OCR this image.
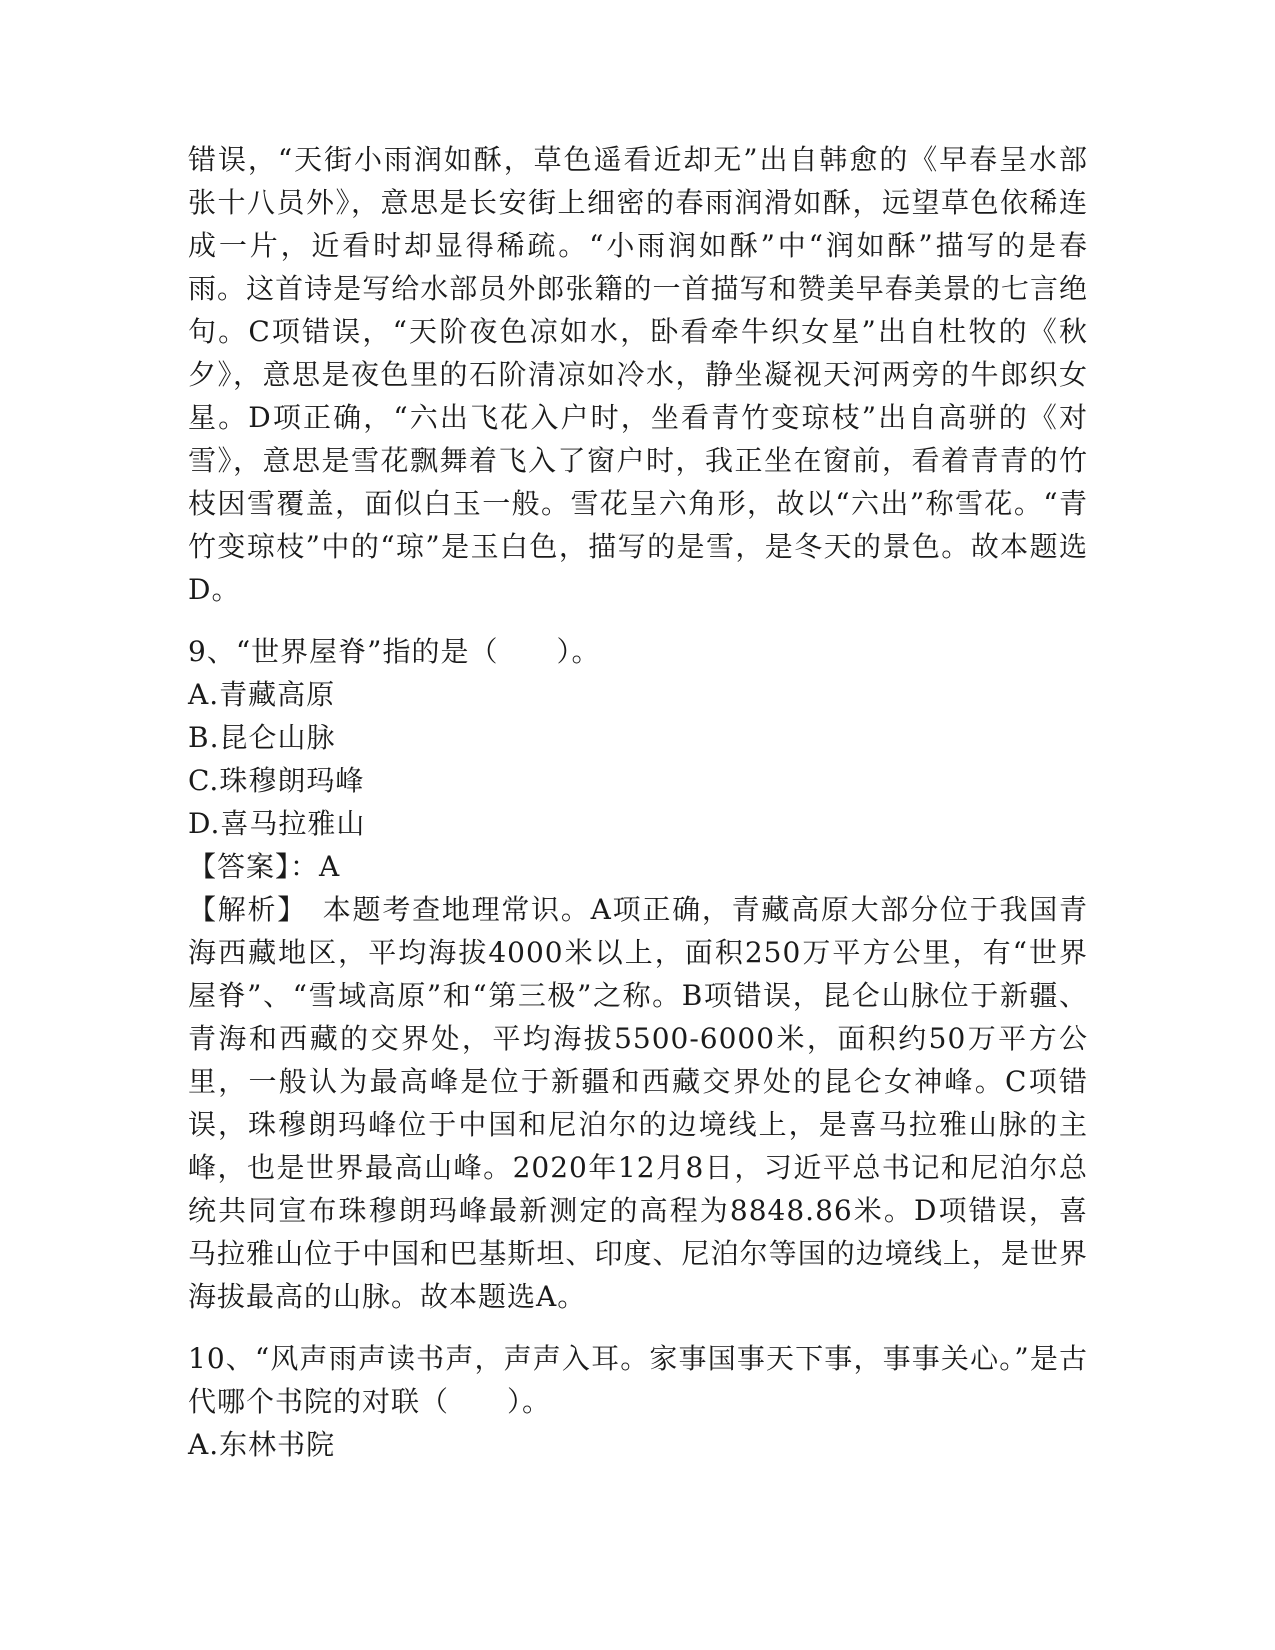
错误，“天街小雨润如酥，草色遥看近却无”出自韩愈的《早春呈水部张十八员外》，意思是长安街上细密的春雨润滑如酥，远望草色依稀连成一片，近看时却显得稀疏。“小雨润如酥”中“润如酥”描写的是春雨。这首诗是写给水部员外郎张籍的一首描写和赞美早春美景的七言绝句。C项错误，“天阶夜色凉如水，卧看牵牛织女星”出自杜牧的《秋夕》，意思是夜色里的石阶清凉如冷水，静坐凝视天河两旁的牛郎织女星。D项正确，“六出飞花入户时，坐看青竹变琼枝”出自高骈的《对雪》，意思是雪花飘舞着飞入了窗户时，我正坐在窗前，看着青青的竹枝因雪覆盖，面似白玉一般。雪花呈六角形，故以“六出”称雪花。“青竹变琼枝”中的“琼”是玉白色，描写的是雪，是冬天的景色。故本题选D。

9、“世界屋脊”指的是（　　）。

A.青藏高原

B.昆仑山脉

C.珠穆朗玛峰

D.喜马拉雅山

【答案】：A

【解析】　本题考查地理常识。A项正确，青藏高原大部分位于我国青海西藏地区，平均海拔4000米以上，面积250万平方公里，有“世界屋脊”、“雪域高原”和“第三极”之称。B项错误，昆仑山脉位于新疆、青海和西藏的交界处，平均海拔5500-6000米，面积约50万平方公里，一般认为最高峰是位于新疆和西藏交界处的昆仑女神峰。C项错误，珠穆朗玛峰位于中国和尼泊尔的边境线上，是喜马拉雅山脉的主峰，也是世界最高山峰。2020年12月8日，习近平总书记和尼泊尔总统共同宣布珠穆朗玛峰最新测定的高程为8848.86米。D项错误，喜马拉雅山位于中国和巴基斯坦、印度、尼泊尔等国的边境线上，是世界海拔最高的山脉。故本题选A。

10、“风声雨声读书声，声声入耳。家事国事天下事，事事关心。”是古代哪个书院的对联（　　）。

A.东林书院
